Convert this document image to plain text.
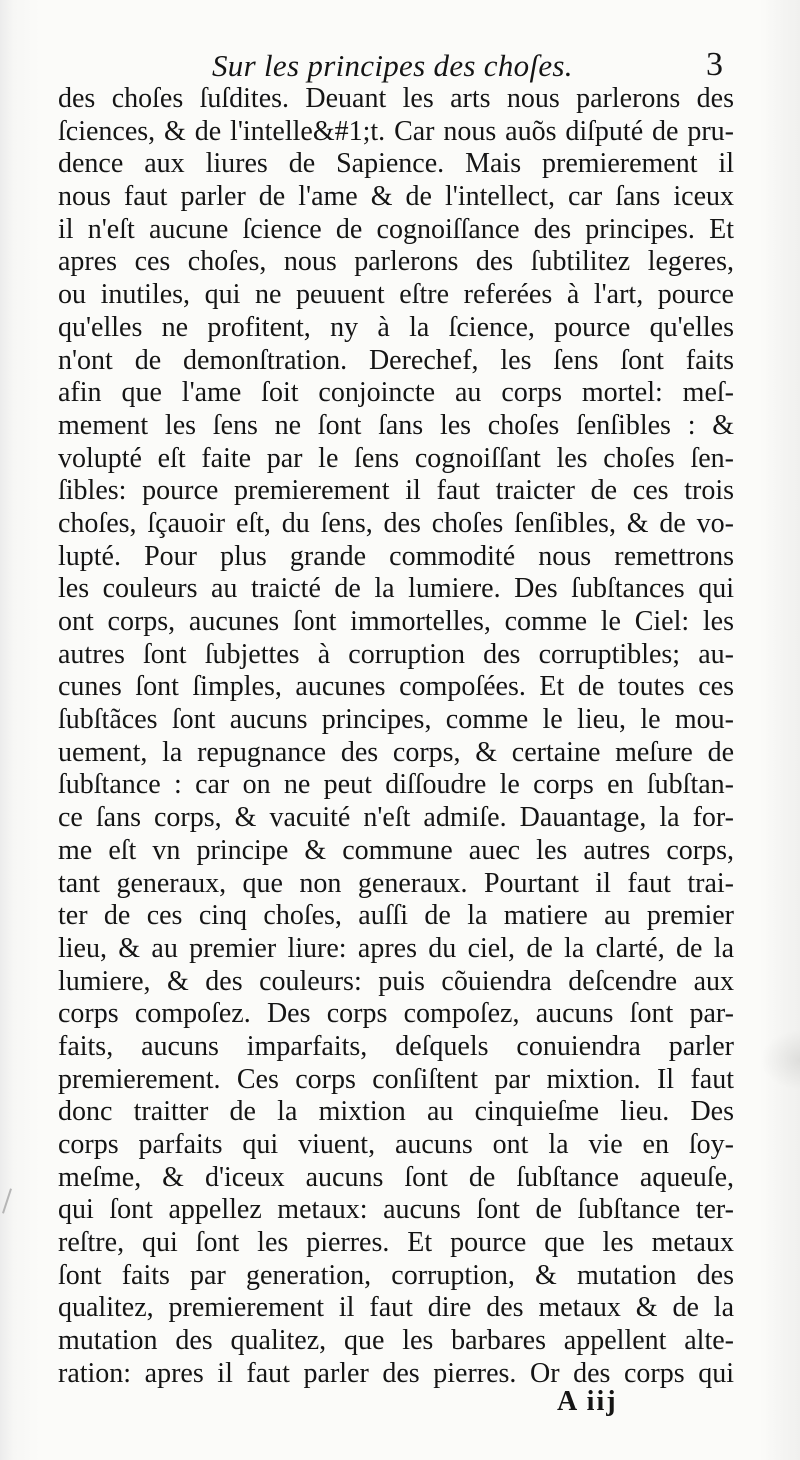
Sur les principes des choſes.	3
des choſes ſuſdites. Deuant les arts nous parlerons des
ſciences, & de l'intelle&#1;t. Car nous auõs diſputé de pru-
dence aux liures de Sapience. Mais premierement il
nous faut parler de l'ame & de l'intellect, car ſans iceux
il n'eſt aucune ſcience de cognoiſſance des principes. Et
apres ces choſes, nous parlerons des ſubtilitez legeres,
ou inutiles, qui ne peuuent eſtre referées à l'art, pource
qu'elles ne profitent, ny à la ſcience, pource qu'elles
n'ont de demonſtration. Derechef, les ſens ſont faits
afin que l'ame ſoit conjoincte au corps mortel: meſ-
mement les ſens ne ſont ſans les choſes ſenſibles : &
volupté eſt faite par le ſens cognoiſſant les choſes ſen-
ſibles: pource premierement il faut traicter de ces trois
choſes, ſçauoir eſt, du ſens, des choſes ſenſibles, & de vo-
lupté. Pour plus grande commodité nous remettrons
les couleurs au traicté de la lumiere. Des ſubſtances qui
ont corps, aucunes ſont immortelles, comme le Ciel: les
autres ſont ſubjettes à corruption des corruptibles; au-
cunes ſont ſimples, aucunes compoſées. Et de toutes ces
ſubſtãces ſont aucuns principes, comme le lieu, le mou-
uement, la repugnance des corps, & certaine meſure de
ſubſtance : car on ne peut diſſoudre le corps en ſubſtan-
ce ſans corps, & vacuité n'eſt admiſe. Dauantage, la for-
me eſt vn principe & commune auec les autres corps,
tant generaux, que non generaux. Pourtant il faut trai-
ter de ces cinq choſes, auſſi de la matiere au premier
lieu, & au premier liure: apres du ciel, de la clarté, de la
lumiere, & des couleurs: puis cõuiendra deſcendre aux
corps compoſez. Des corps compoſez, aucuns ſont par-
faits, aucuns imparfaits, deſquels conuiendra parler
premierement. Ces corps conſiſtent par mixtion. Il faut
donc traitter de la mixtion au cinquieſme lieu. Des
corps parfaits qui viuent, aucuns ont la vie en ſoy-
meſme, & d'iceux aucuns ſont de ſubſtance aqueuſe,
qui ſont appellez metaux: aucuns ſont de ſubſtance ter-
reſtre, qui ſont les pierres. Et pource que les metaux
ſont faits par generation, corruption, & mutation des
qualitez, premierement il faut dire des metaux & de la
mutation des qualitez, que les barbares appellent alte-
ration: apres il faut parler des pierres. Or des corps qui
A iij
